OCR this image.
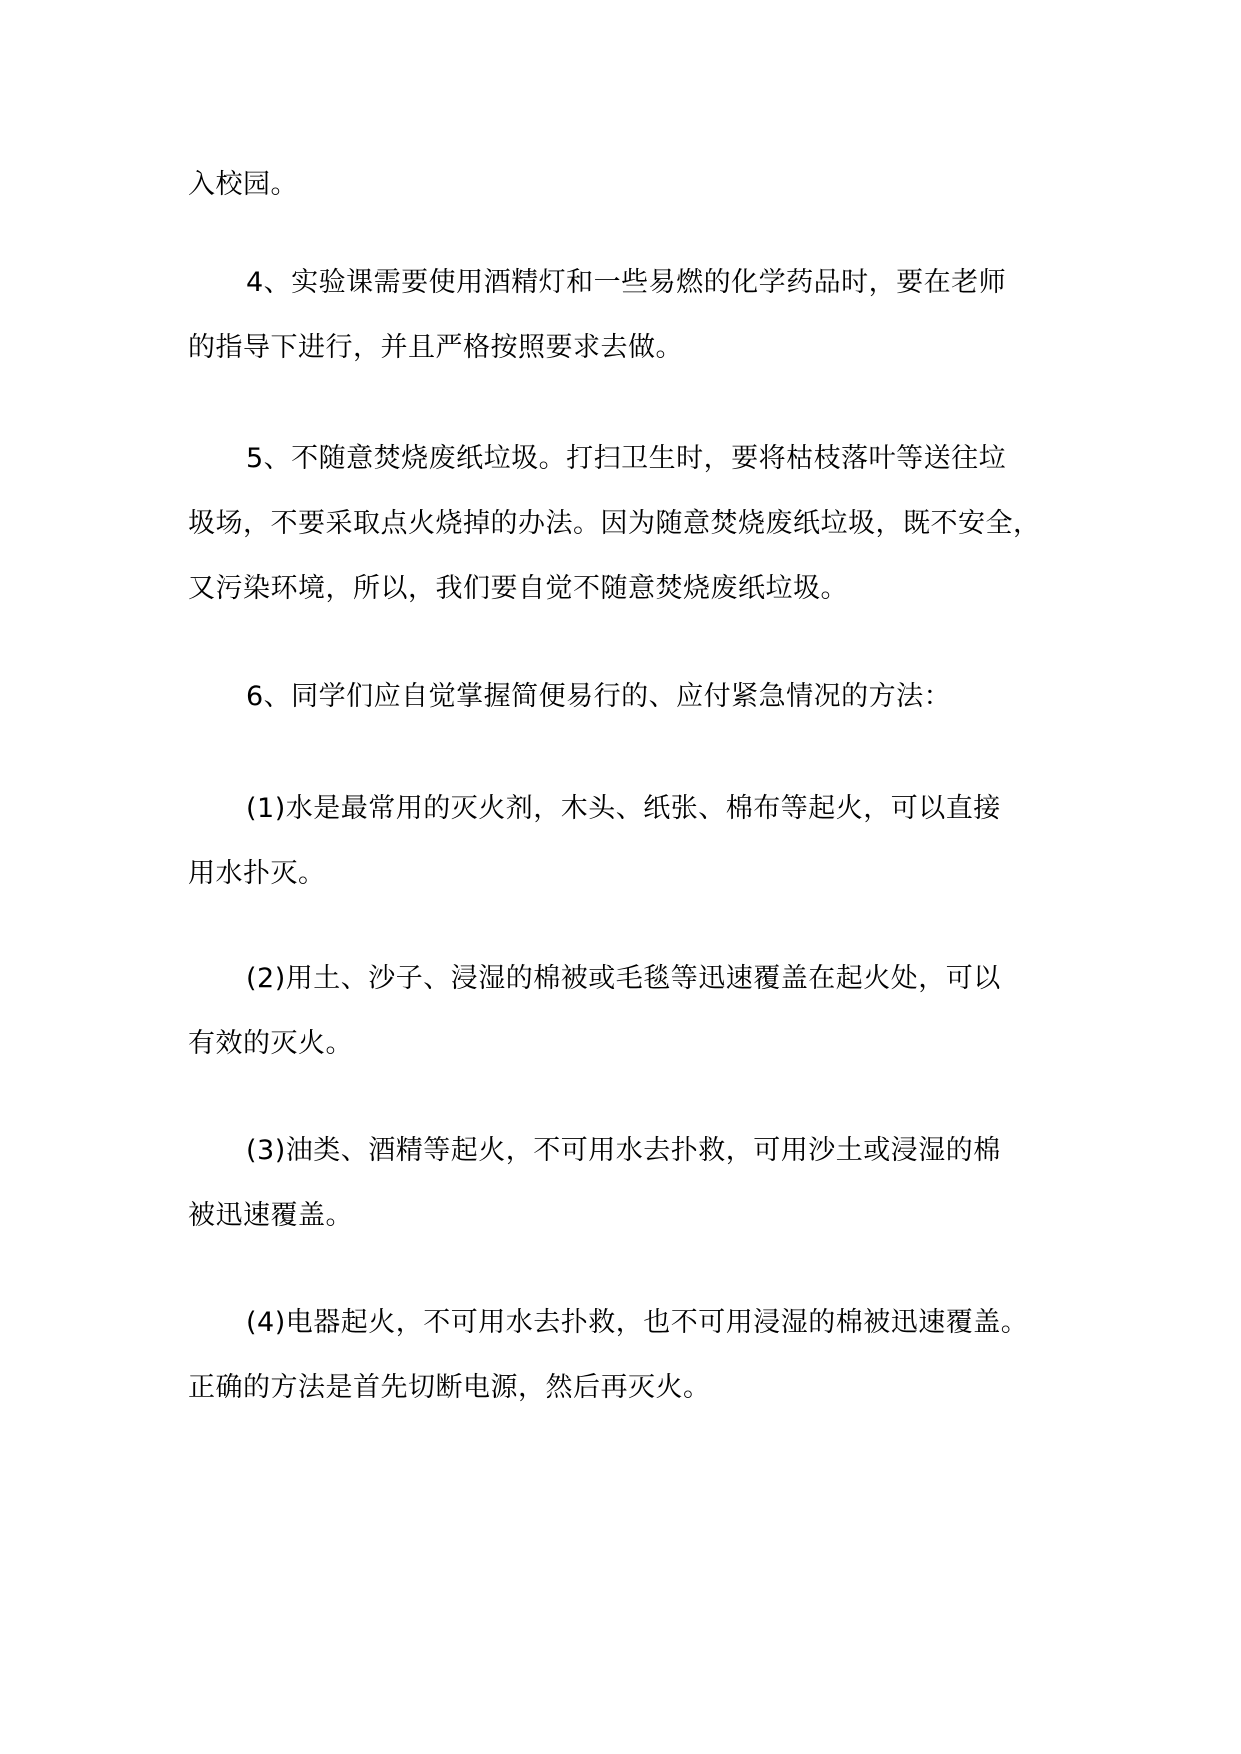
入校园。

4、实验课需要使用酒精灯和一些易燃的化学药品时，要在老师
的指导下进行，并且严格按照要求去做。

5、不随意焚烧废纸垃圾。打扫卫生时，要将枯枝落叶等送往垃
圾场，不要采取点火烧掉的办法。因为随意焚烧废纸垃圾，既不安全，
又污染环境，所以，我们要自觉不随意焚烧废纸垃圾。

6、同学们应自觉掌握简便易行的、应付紧急情况的方法：

(1)水是最常用的灭火剂，木头、纸张、棉布等起火，可以直接
用水扑灭。

(2)用土、沙子、浸湿的棉被或毛毯等迅速覆盖在起火处，可以
有效的灭火。

(3)油类、酒精等起火，不可用水去扑救，可用沙土或浸湿的棉
被迅速覆盖。

(4)电器起火，不可用水去扑救，也不可用浸湿的棉被迅速覆盖。
正确的方法是首先切断电源，然后再灭火。
